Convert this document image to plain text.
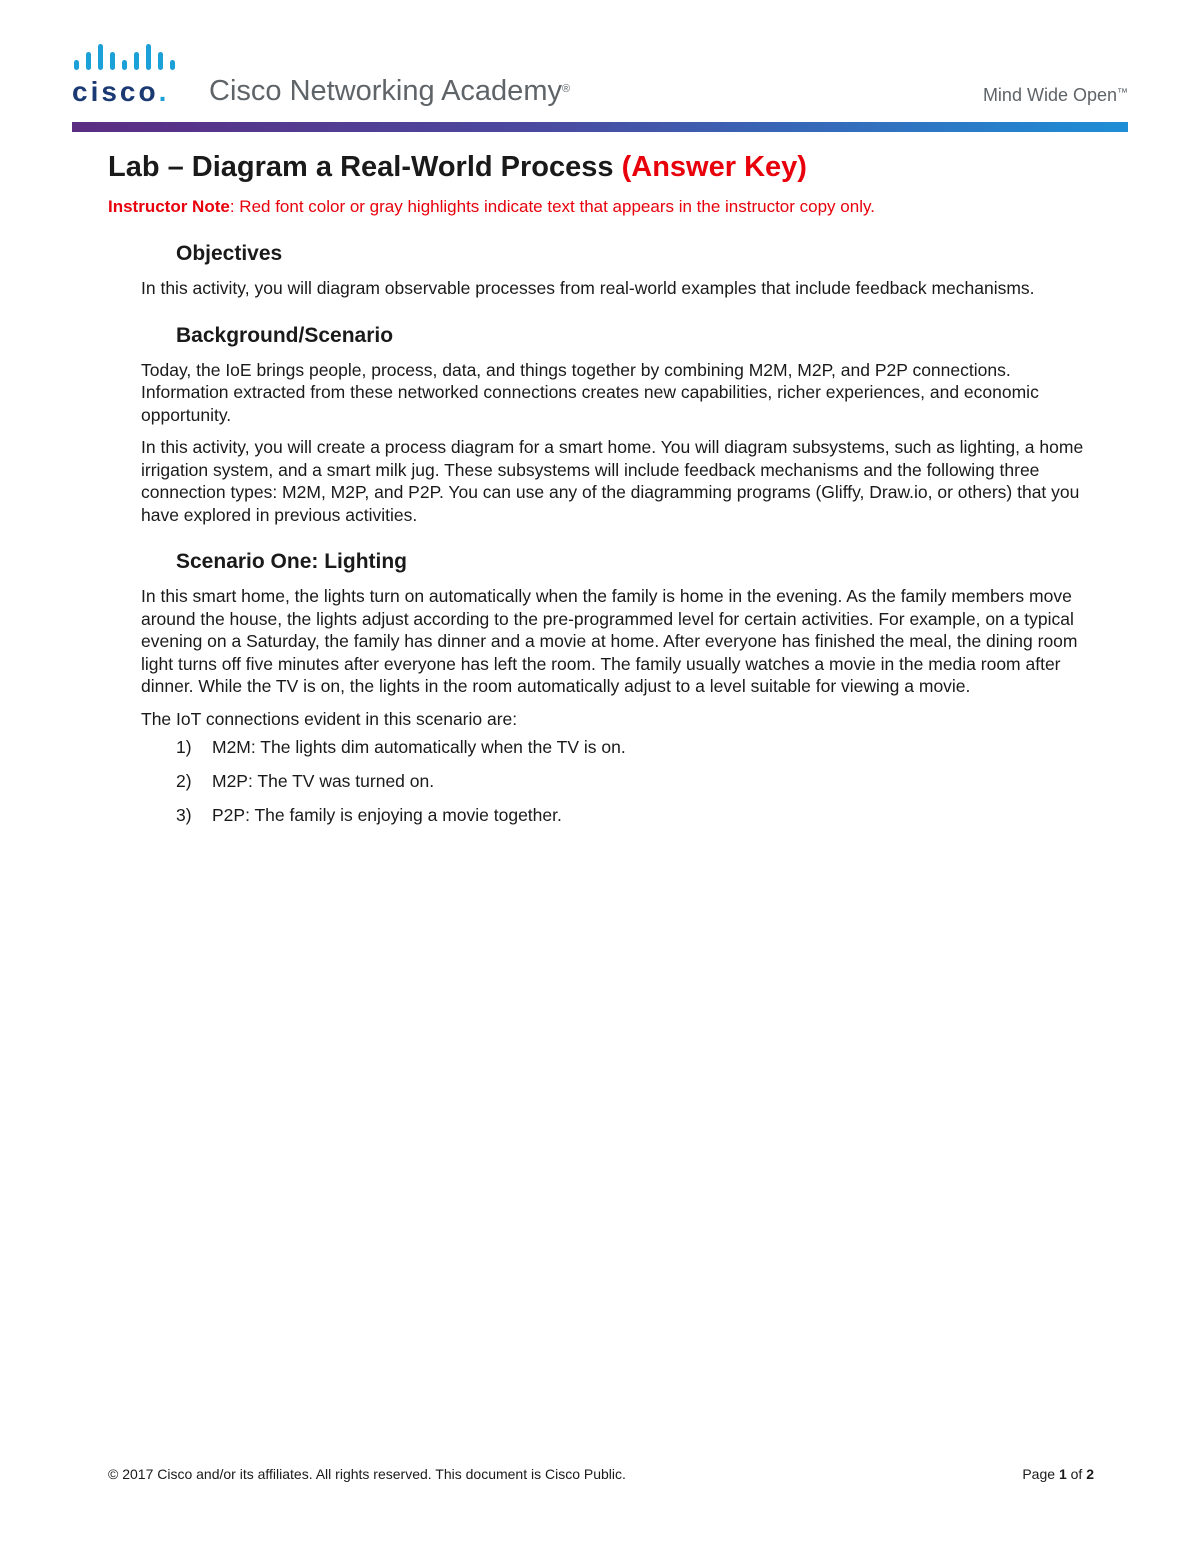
cisco. Cisco Networking Academy®	Mind Wide Open™
Lab – Diagram a Real-World Process (Answer Key)

Instructor Note: Red font color or gray highlights indicate text that appears in the instructor copy only.

Objectives

In this activity, you will diagram observable processes from real-world examples that include feedback mechanisms.

Background/Scenario

Today, the IoE brings people, process, data, and things together by combining M2M, M2P, and P2P connections. Information extracted from these networked connections creates new capabilities, richer experiences, and economic opportunity.

In this activity, you will create a process diagram for a smart home. You will diagram subsystems, such as lighting, a home irrigation system, and a smart milk jug. These subsystems will include feedback mechanisms and the following three connection types: M2M, M2P, and P2P. You can use any of the diagramming programs (Gliffy, Draw.io, or others) that you have explored in previous activities.

Scenario One: Lighting

In this smart home, the lights turn on automatically when the family is home in the evening. As the family members move around the house, the lights adjust according to the pre-programmed level for certain activities. For example, on a typical evening on a Saturday, the family has dinner and a movie at home. After everyone has finished the meal, the dining room light turns off five minutes after everyone has left the room. The family usually watches a movie in the media room after dinner. While the TV is on, the lights in the room automatically adjust to a level suitable for viewing a movie.

The IoT connections evident in this scenario are:

1) M2M: The lights dim automatically when the TV is on.
2) M2P: The TV was turned on.
3) P2P: The family is enjoying a movie together.
© 2017 Cisco and/or its affiliates. All rights reserved. This document is Cisco Public.	Page 1 of 2
